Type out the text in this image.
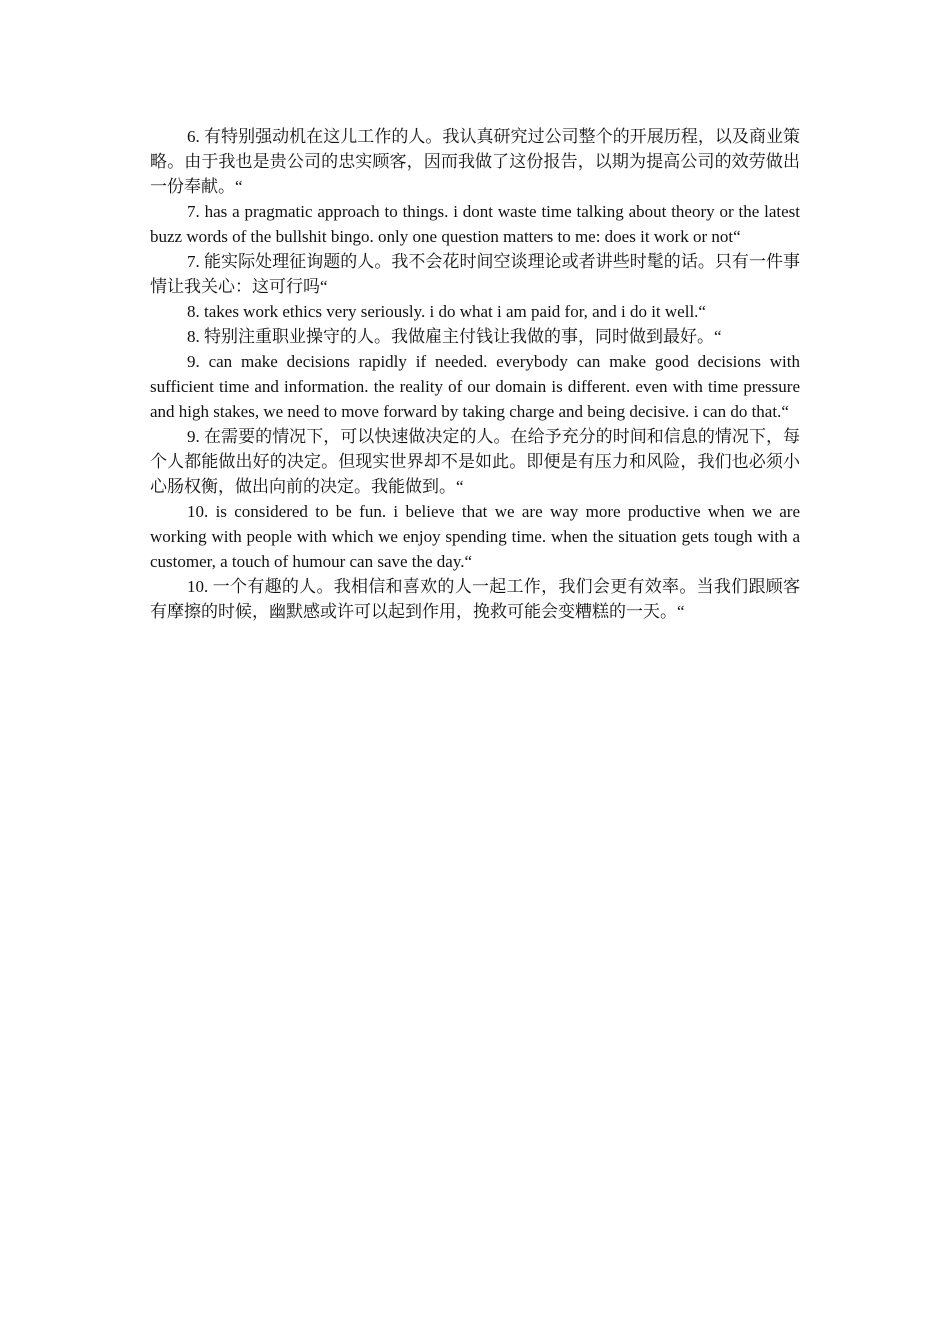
6. 有特别强动机在这儿工作的人。我认真研究过公司整个的开展历程，以及商业策略。由于我也是贵公司的忠实顾客，因而我做了这份报告，以期为提高公司的效劳做出一份奉献。“

7. has a pragmatic approach to things. i dont waste time talking about theory or the latest buzz words of the bullshit bingo. only one question matters to me: does it work or not“

7. 能实际处理征询题的人。我不会花时间空谈理论或者讲些时髦的话。只有一件事情让我关心：这可行吗“

8. takes work ethics very seriously. i do what i am paid for, and i do it well.“

8. 特别注重职业操守的人。我做雇主付钱让我做的事，同时做到最好。“

9. can make decisions rapidly if needed. everybody can make good decisions with sufficient time and information. the reality of our domain is different. even with time pressure and high stakes, we need to move forward by taking charge and being decisive. i can do that.“

9. 在需要的情况下，可以快速做决定的人。在给予充分的时间和信息的情况下，每个人都能做出好的决定。但现实世界却不是如此。即便是有压力和风险，我们也必须小心肠权衡，做出向前的决定。我能做到。“

10. is considered to be fun. i believe that we are way more productive when we are working with people with which we enjoy spending time. when the situation gets tough with a customer, a touch of humour can save the day.“

10. 一个有趣的人。我相信和喜欢的人一起工作，我们会更有效率。当我们跟顾客有摩擦的时候，幽默感或许可以起到作用，挽救可能会变糟糕的一天。“
